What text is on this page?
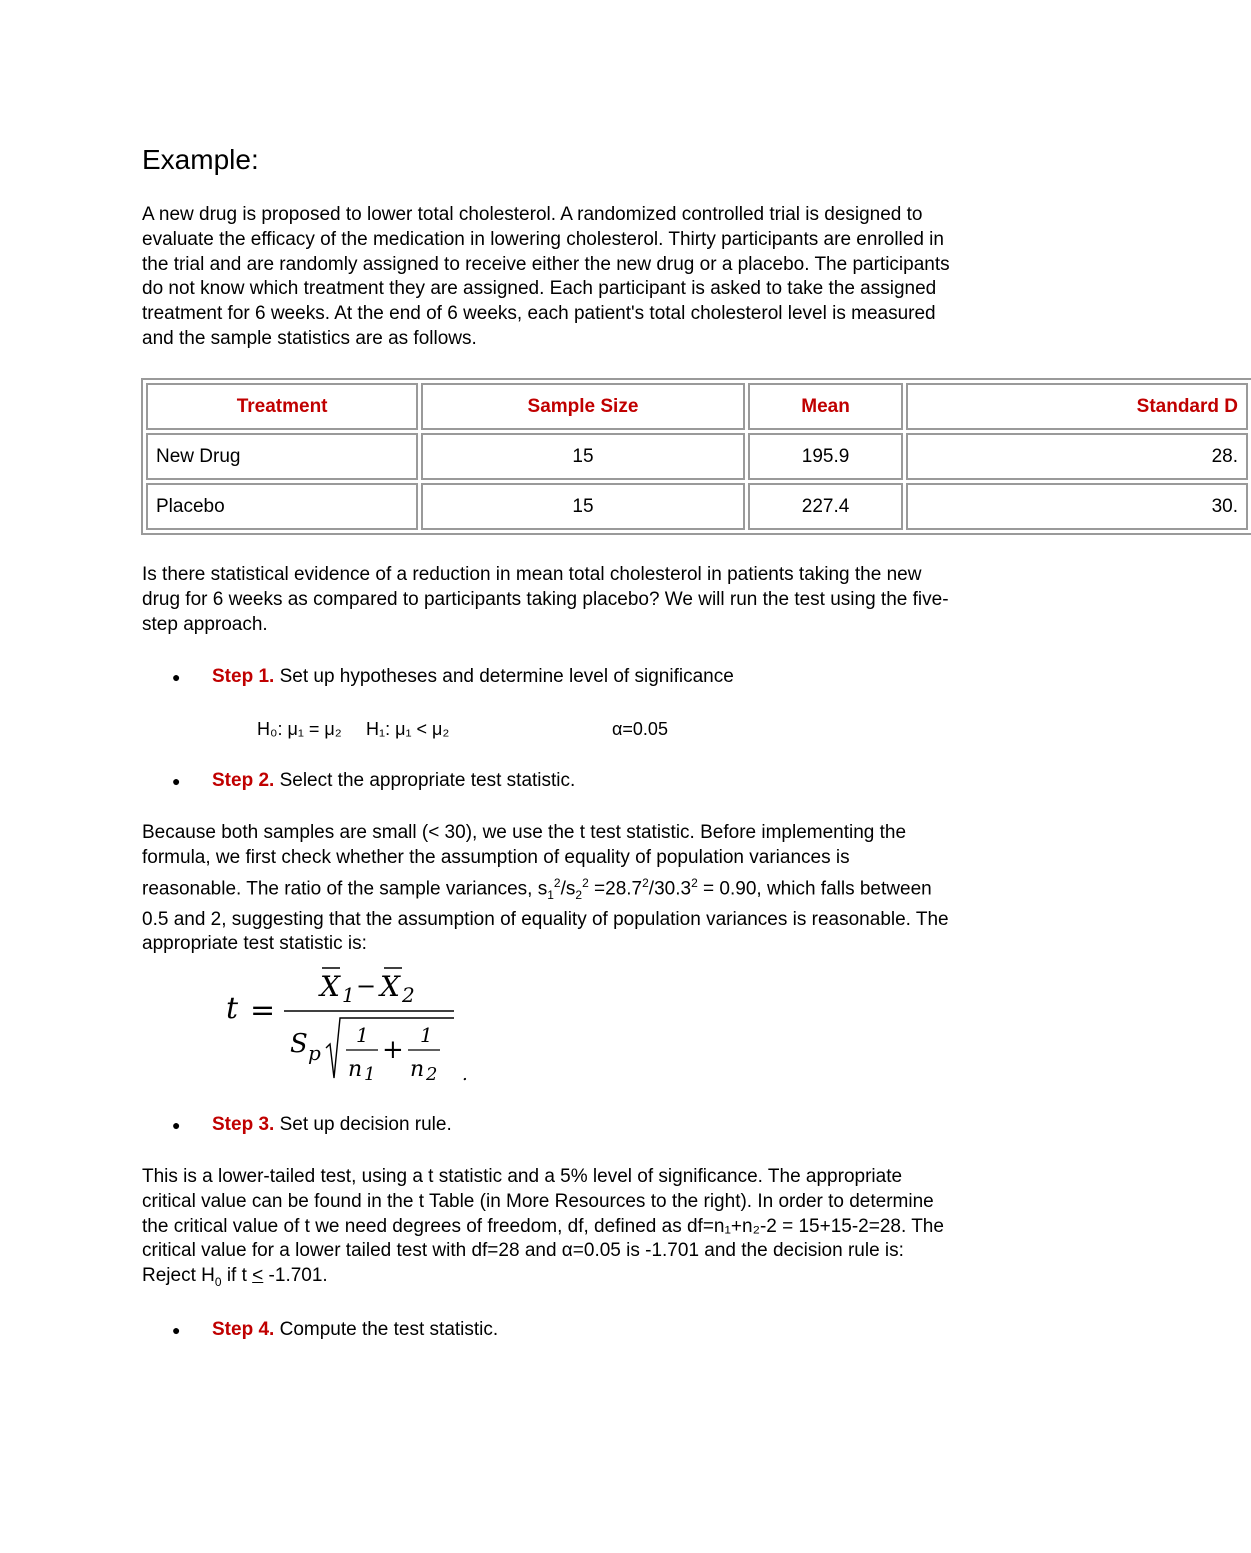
Example:
A new drug is proposed to lower total cholesterol. A randomized controlled trial is designed to
evaluate the efficacy of the medication in lowering cholesterol. Thirty participants are enrolled in
the trial and are randomly assigned to receive either the new drug or a placebo. The participants
do not know which treatment they are assigned. Each participant is asked to take the assigned
treatment for 6 weeks. At the end of 6 weeks, each patient's total cholesterol level is measured
and the sample statistics are as follows.
Treatment	Sample Size	Mean	Standard D
New Drug	15	195.9	28.
Placebo	15	227.4	30.
Is there statistical evidence of a reduction in mean total cholesterol in patients taking the new
drug for 6 weeks as compared to participants taking placebo? We will run the test using the five-
step approach.
● Step 1. Set up hypotheses and determine level of significance
H₀: μ₁ = μ₂ H₁: μ₁ < μ₂	α=0.05
● Step 2. Select the appropriate test statistic.
Because both samples are small (< 30), we use the t test statistic. Before implementing the
formula, we first check whether the assumption of equality of population variances is
reasonable. The ratio of the sample variances, $s_1^2/s_2^2 =28.7^2/30.3^2 = 0.90$, which falls between
0.5 and 2, suggesting that the assumption of equality of population variances is reasonable. The
appropriate test statistic is:
t =
X 1 − X 2
S p
1
n 1
+ 1
n 2 .
● Step 3. Set up decision rule.
This is a lower-tailed test, using a t statistic and a 5% level of significance. The appropriate
critical value can be found in the t Table (in More Resources to the right). In order to determine
the critical value of t we need degrees of freedom, df, defined as df=n₁+n₂-2 = 15+15-2=28. The
critical value for a lower tailed test with df=28 and α=0.05 is -1.701 and the decision rule is:
Reject $H_0$ if t < -1.701.
● Step 4. Compute the test statistic.
